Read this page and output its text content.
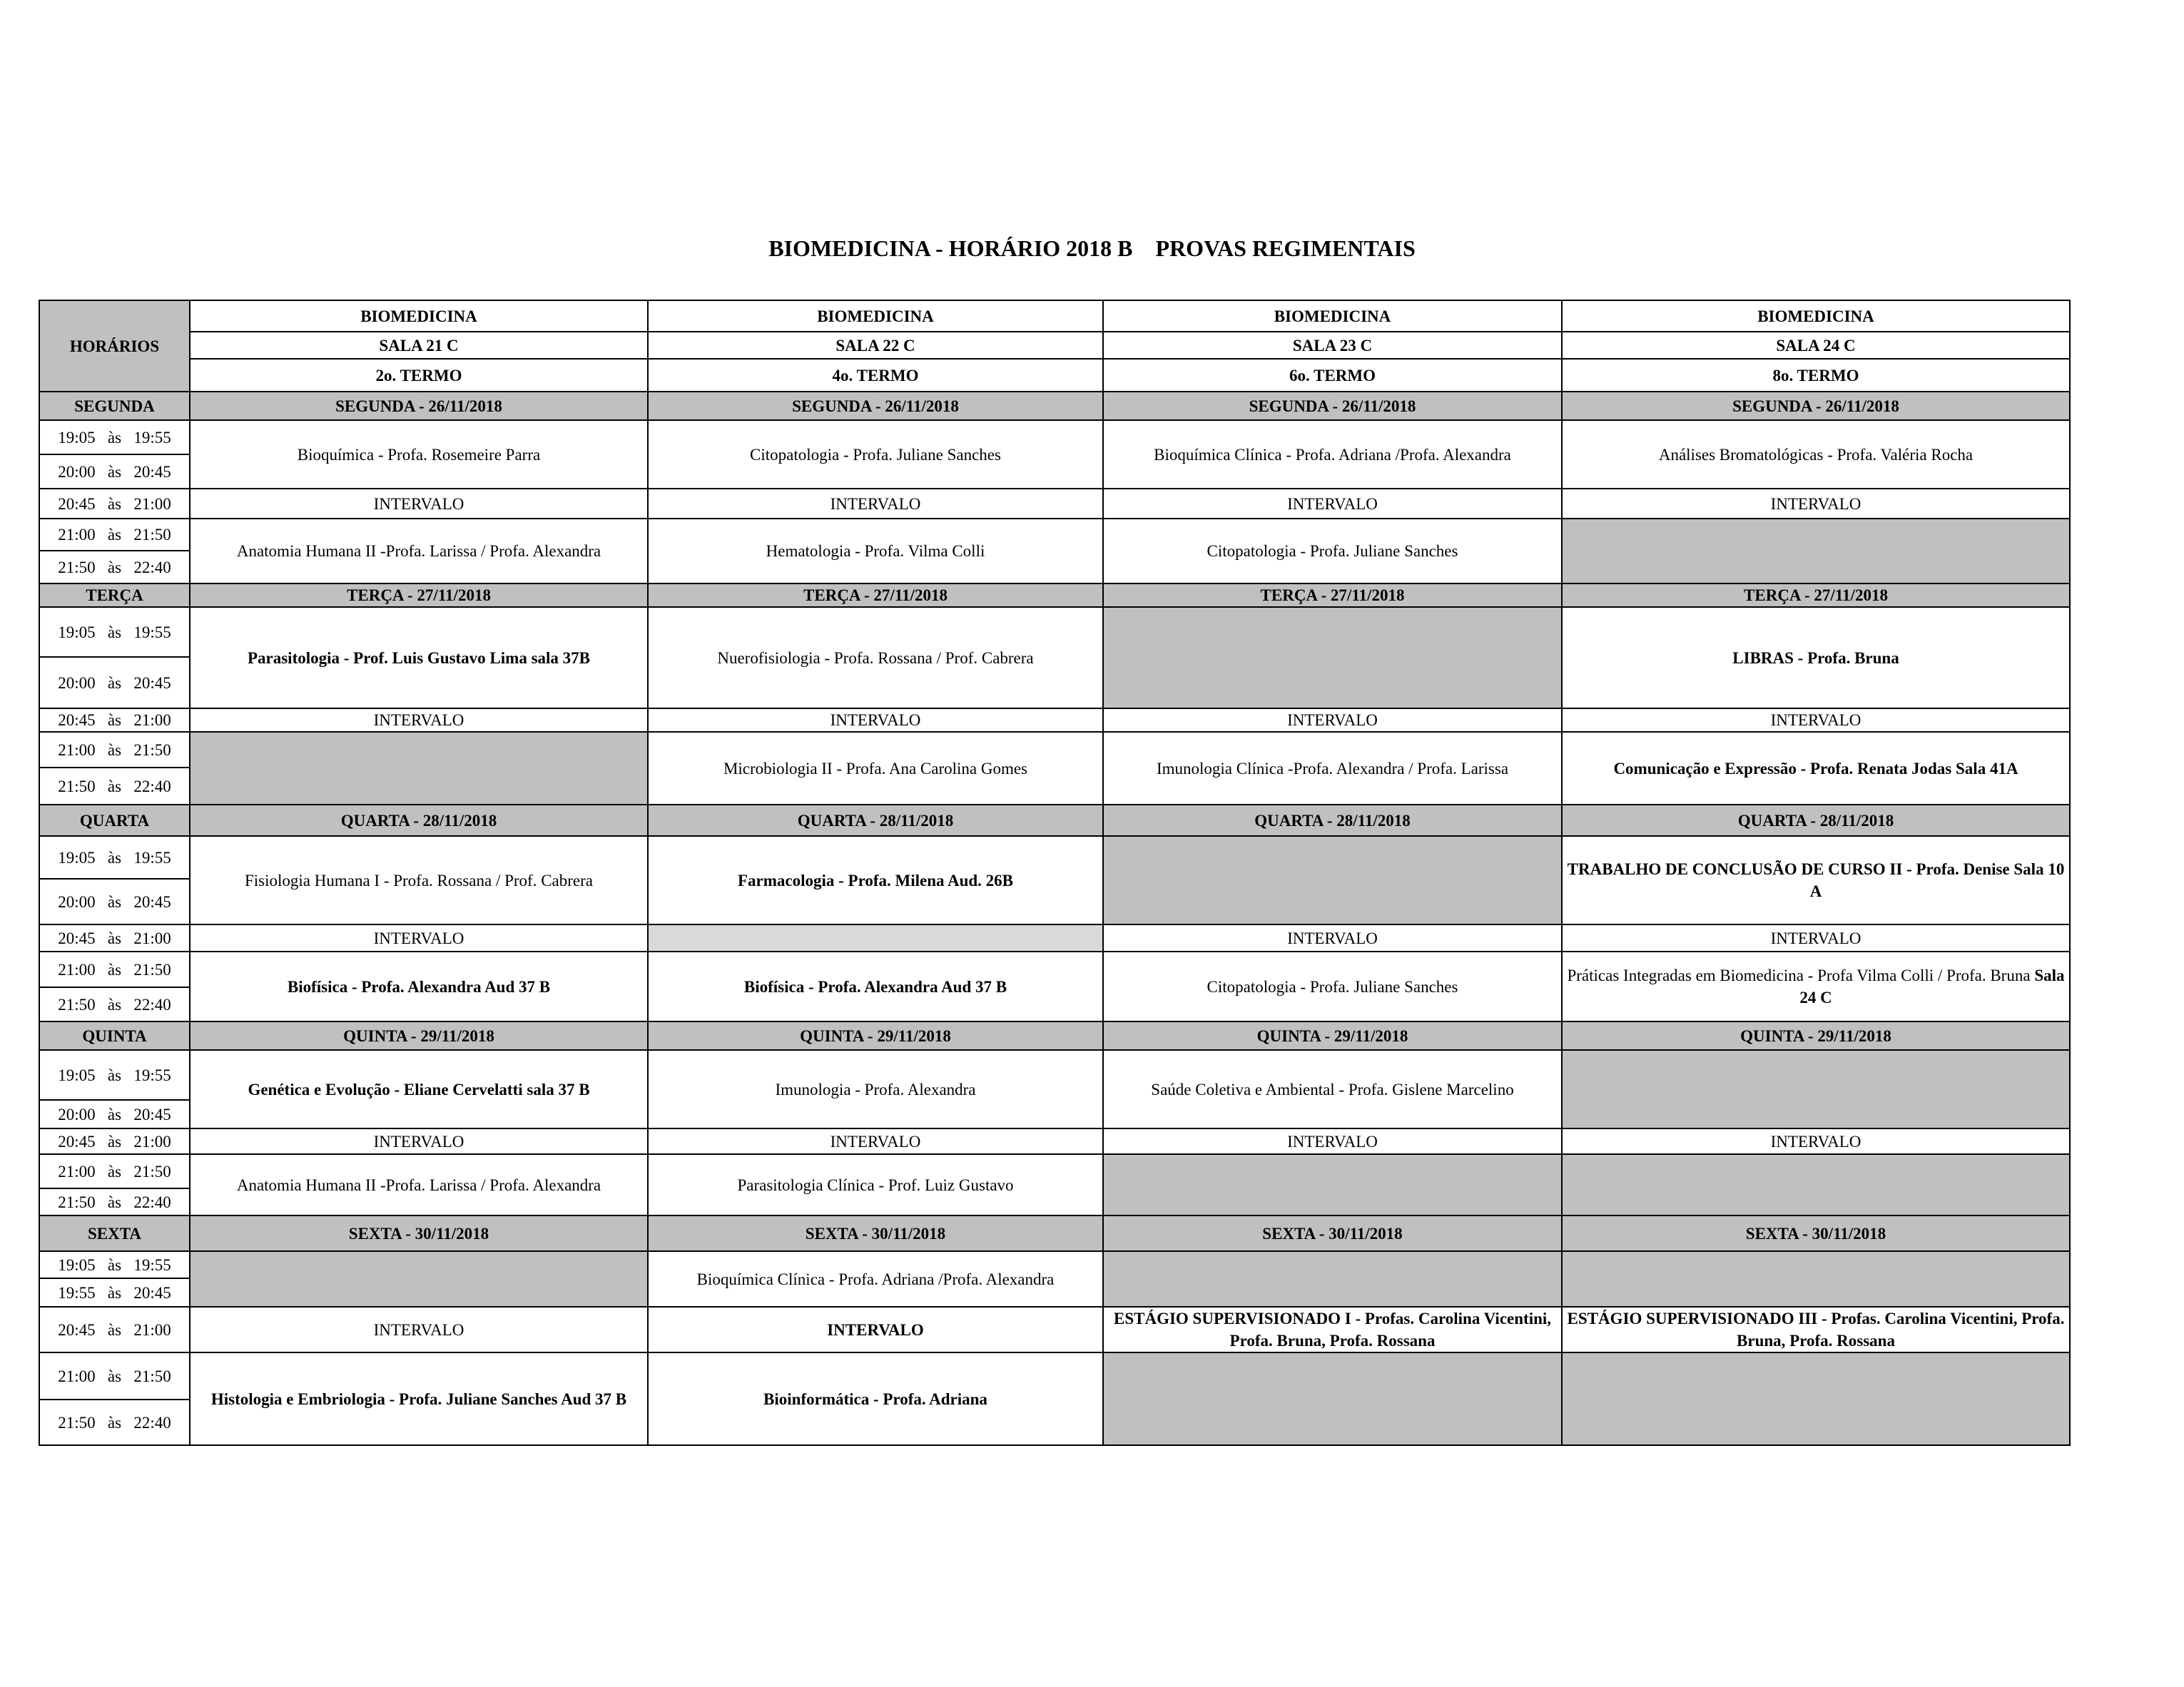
BIOMEDICINA - HORÁRIO 2018 B    PROVAS REGIMENTAIS
HORÁRIOS	BIOMEDICINA	BIOMEDICINA	BIOMEDICINA	BIOMEDICINA
	SALA 21 C	SALA 22 C	SALA 23 C	SALA 24 C
	2o. TERMO	4o. TERMO	6o. TERMO	8o. TERMO
SEGUNDA	SEGUNDA - 26/11/2018	SEGUNDA - 26/11/2018	SEGUNDA - 26/11/2018	SEGUNDA - 26/11/2018
19:05   às   19:55	Bioquímica - Profa. Rosemeire Parra	Citopatologia - Profa. Juliane Sanches	Bioquímica Clínica - Profa. Adriana /Profa. Alexandra	Análises Bromatológicas - Profa. Valéria Rocha
20:00   às   20:45				
20:45   às   21:00	INTERVALO	INTERVALO	INTERVALO	INTERVALO
21:00   às   21:50	Anatomia Humana II -Profa. Larissa / Profa. Alexandra	Hematologia - Profa. Vilma Colli	Citopatologia - Profa. Juliane Sanches	
21:50   às   22:40				
TERÇA	TERÇA - 27/11/2018	TERÇA - 27/11/2018	TERÇA - 27/11/2018	TERÇA - 27/11/2018
19:05   às   19:55	Parasitologia - Prof. Luis Gustavo Lima sala 37B	Nuerofisiologia - Profa. Rossana / Prof. Cabrera		LIBRAS - Profa. Bruna
20:00   às   20:45				
20:45   às   21:00	INTERVALO	INTERVALO	INTERVALO	INTERVALO
21:00   às   21:50		Microbiologia II - Profa. Ana Carolina Gomes	Imunologia Clínica -Profa. Alexandra / Profa. Larissa	Comunicação e Expressão - Profa. Renata Jodas Sala 41A
21:50   às   22:40				
QUARTA	QUARTA - 28/11/2018	QUARTA - 28/11/2018	QUARTA - 28/11/2018	QUARTA - 28/11/2018
19:05   às   19:55	Fisiologia Humana I - Profa. Rossana / Prof. Cabrera	Farmacologia - Profa. Milena Aud. 26B		TRABALHO DE CONCLUSÃO DE CURSO II - Profa. Denise Sala 10 A
20:00   às   20:45				
20:45   às   21:00	INTERVALO		INTERVALO	INTERVALO
21:00   às   21:50	Biofísica - Profa. Alexandra Aud 37 B	Biofísica - Profa. Alexandra Aud 37 B	Citopatologia - Profa. Juliane Sanches	Práticas Integradas em Biomedicina - Profa Vilma Colli / Profa. Bruna Sala 24 C
21:50   às   22:40				
QUINTA	QUINTA - 29/11/2018	QUINTA - 29/11/2018	QUINTA - 29/11/2018	QUINTA - 29/11/2018
19:05   às   19:55	Genética e Evolução - Eliane Cervelatti sala 37 B	Imunologia - Profa. Alexandra	Saúde Coletiva e Ambiental - Profa. Gislene Marcelino	
20:00   às   20:45				
20:45   às   21:00	INTERVALO	INTERVALO	INTERVALO	INTERVALO
21:00   às   21:50	Anatomia Humana II -Profa. Larissa / Profa. Alexandra	Parasitologia Clínica - Prof. Luiz Gustavo		
21:50   às   22:40				
SEXTA	SEXTA - 30/11/2018	SEXTA - 30/11/2018	SEXTA - 30/11/2018	SEXTA - 30/11/2018
19:05   às   19:55		Bioquímica Clínica - Profa. Adriana /Profa. Alexandra		
19:55   às   20:45				
20:45   às   21:00	INTERVALO	INTERVALO	ESTÁGIO SUPERVISIONADO I - Profas. Carolina Vicentini, Profa. Bruna, Profa. Rossana	ESTÁGIO SUPERVISIONADO III - Profas. Carolina Vicentini, Profa. Bruna, Profa. Rossana
21:00   às   21:50	Histologia e Embriologia - Profa. Juliane Sanches Aud 37 B	Bioinformática - Profa. Adriana		
21:50   às   22:40				
